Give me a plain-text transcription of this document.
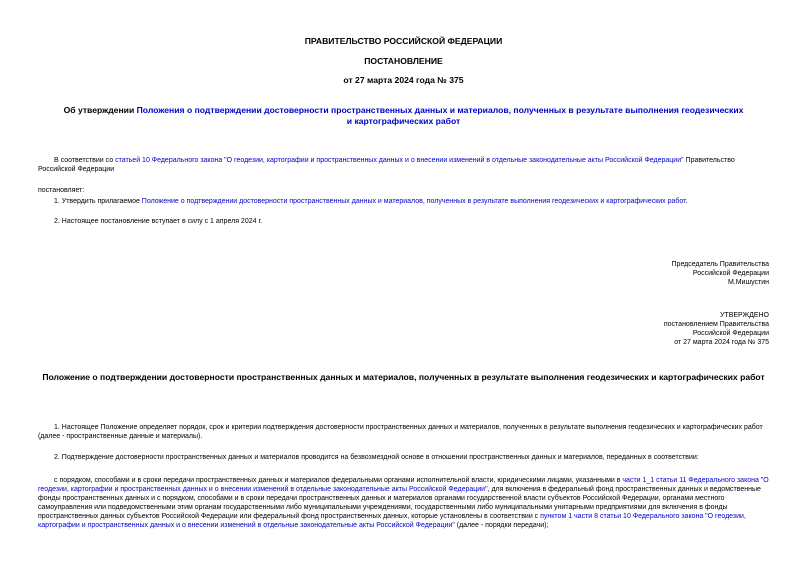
ПРАВИТЕЛЬСТВО РОССИЙСКОЙ ФЕДЕРАЦИИ
ПОСТАНОВЛЕНИЕ
от 27 марта 2024 года № 375
Об утверждении Положения о подтверждении достоверности пространственных данных и материалов, полученных в результате выполнения геодезических и картографических работ
В соответствии со статьей 10 Федерального закона "О геодезии, картографии и пространственных данных и о внесении изменений в отдельные законодательные акты Российской Федерации" Правительство Российской Федерации
постановляет:
1. Утвердить прилагаемое Положение о подтверждении достоверности пространственных данных и материалов, полученных в результате выполнения геодезических и картографических работ.
2. Настоящее постановление вступает в силу с 1 апреля 2024 г.
Председатель Правительства
Российской Федерации
М.Мишустин
УТВЕРЖДЕНО
постановлением Правительства
Российской Федерации
от 27 марта 2024 года № 375
Положение о подтверждении достоверности пространственных данных и материалов, полученных в результате выполнения геодезических и картографических работ
1. Настоящее Положение определяет порядок, срок и критерии подтверждения достоверности пространственных данных и материалов, полученных в результате выполнения геодезических и картографических работ (далее - пространственные данные и материалы).
2. Подтверждение достоверности пространственных данных и материалов проводится на безвозмездной основе в отношении пространственных данных и материалов, переданных в соответствии:
с порядком, способами и в сроки передачи пространственных данных и материалов федеральными органами исполнительной власти, юридическими лицами, указанными в части 1_1 статьи 11 Федерального закона "О геодезии, картографии и пространственных данных и о внесении изменений в отдельные законодательные акты Российской Федерации", для включения в федеральный фонд пространственных данных и ведомственные фонды пространственных данных и с порядком, способами и в сроки передачи пространственных данных и материалов органами государственной власти субъектов Российской Федерации, органами местного самоуправления или подведомственными этим органам государственными либо муниципальными учреждениями, государственными либо муниципальными унитарными предприятиями для включения в фонды пространственных данных субъектов Российской Федерации или федеральный фонд пространственных данных, которые установлены в соответствии с пунктом 1 части 8 статьи 10 Федерального закона "О геодезии, картографии и пространственных данных и о внесении изменений в отдельные законодательные акты Российской Федерации" (далее - порядки передачи);
